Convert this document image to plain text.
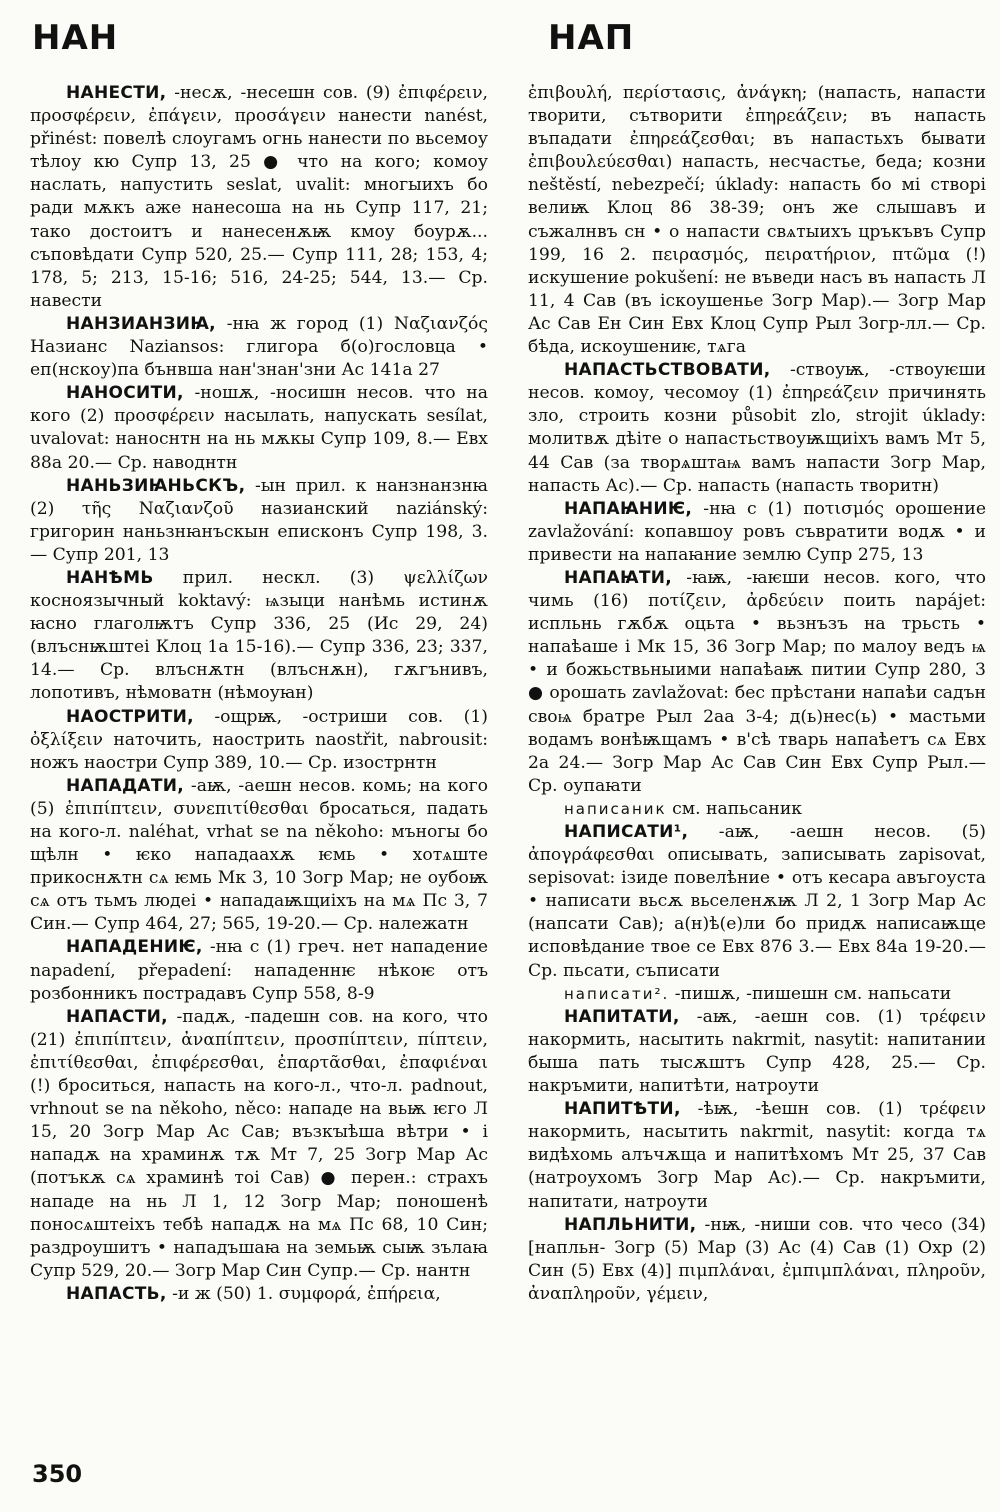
НАН	НАП

НАНЕСТИ, -несѫ, -несешн сов. (9) ἐπιφέρειν, προσφέρειν, ἐπάγειν, προσάγειν нанести nanést, přinést: повелѣ слоугамъ огнь нанести по вьсемоу тѣлоу кю Супр 13, 25 ● что на кого; комоу наслать, напустить seslat, uvalit: многыихъ бо ради мѫкъ аже нанесоша на нь Супр 117, 21; тако достоитъ и нанесенѫѭ кмоу боурѫ... съповѣдати Супр 520, 25.— Супр 111, 28; 153, 4; 178, 5; 213, 15-16; 516, 24-25; 544, 13.— Ср. навести

НАНЗИАНЗИꙖ, -нꙗ ж город (1) Ναζιανζός Назианс Naziansos: глигора б(о)гословца • еп(нскоу)па бънвша нан'знан'зни Ас 141а 27

НАНОСИТИ, -ношѫ, -носишн несов. что на кого (2) προσφέρειν насылать, напускать sesílat, uvalovat: наноснтн на нь мѫкы Супр 109, 8.— Евх 88а 20.— Ср. наводнтн

НАНЬЗИꙖНЬСКЪ, -ын прил. к нанзнанзнꙗ (2) τῆς Ναζιανζοῦ назианский naziánský: григорин наньзнꙗнъскын еписконъ Супр 198, 3.— Супр 201, 13

НАНѢМЬ прил. нескл. (3) ψελλίζων косноязычный koktavý: ѩзыци нанѣмь истинѫ ꙗсно глаголѭтъ Супр 336, 25 (Ис 29, 24) (влъснѭштеі Клоц 1а 15-16).— Супр 336, 23; 337, 14.— Ср. влъснѫтн (влъснѫн), гѫгънивъ, лопотивъ, нѣмоватн (нѣмоуꙗн)

НАОСТРИТИ, -ощрѭ, -остриши сов. (1) ὀξλίξειν наточить, наострить naostřit, nabrousit: ножъ наостри Супр 389, 10.— Ср. изострнтн

НАПАДАТИ, -аѭ, -аешн несов. комь; на кого (5) ἐπιπίπτειν, συνεπιτίθεσθαι бросаться, падать на кого-л. naléhat, vrhat se na někoho: мъногы бо щѣлн • ѥко нападаахѫ ѥмь • хотѧште прикоснѫтн сѧ ѥмь Мк 3, 10 Зогр Мар; не оубоѭ сѧ отъ тьмъ людеі • нападаѭщиіхъ на мѧ Пс 3, 7 Син.— Супр 464, 27; 565, 19-20.— Ср. належатн

НАПАДЕНИѤ, -нꙗ с (1) греч. нет нападение napadení, přepadení: нападеннѥ нѣкоѥ отъ розбонникъ пострадавъ Супр 558, 8-9

НАПАСТИ, -падѫ, -падешн сов. на кого, что (21) ἐπιπίπτειν, ἀναπίπτειν, προσπίπτειν, πίπτειν, ἐπιτίθεσθαι, ἐπιφέρεσθαι, ἐπαρτᾶσθαι, ἐπαφιέναι (!) броситься, напасть на кого-л., что-л. padnout, vrhnout se na někoho, něco: нападе на вьѭ ѥго Л 15, 20 Зогр Мар Ас Сав; възкꙑѣша вѣтри • і нападѫ на храминѫ тѫ Мт 7, 25 Зогр Мар Ас (потъкѫ сѧ храминѣ тоі Сав) ● перен.: страхъ нападе на нь Л 1, 12 Зогр Мар; поношенѣ поносѧштеіхъ тебѣ нападѫ на мѧ Пс 68, 10 Син; раздроушитъ • нападъшаꙗ на земьѭ сыѭ зълаꙗ Супр 529, 20.— Зогр Мар Син Супр.— Ср. нантн

НАПАСТЬ, -и ж (50) 1. συμφορά, ἐπήρεια,

ἐπιβουλή, περίστασις, ἀνάγκη; (напасть, напасти творити, сътворити ἐπηρεάζειν; въ напасть въпадати ἐπηρεάζεσθαι; въ напастьхъ бывати ἐπιβουλεύεσθαι) напасть, несчастье, беда; козни neštěstí, nebezpečí; úklady: напасть бо мі створі велиѭ Клоц 86 38-39; онъ же слышавъ и съжалнвъ сн • о напасти свѧтыихъ цръкъвъ Супр 199, 16 2. πειρασμός, πειρατήριον, πτῶμα (!) искушение pokušení: не въведи насъ въ напасть Л 11, 4 Сав (въ іскоушенье Зогр Мар).— Зогр Мар Ас Сав Ен Син Евх Клоц Супр Рыл Зогр-лл.— Ср. бѣда, искоушениѥ, тѧга

НАПАСТЬСТВОВАТИ, -ствоуѭ, -ствоуѥши несов. комоу, чесомоу (1) ἐπηρεάζειν причинять зло, строить козни působit zlo, strojit úklady: молитвѫ дѣіте о напастьствоуѭщиіхъ вамъ Мт 5, 44 Сав (за творѧштаѩ вамъ напасти Зогр Мар, напасть Ас).— Ср. напасть (напасть творитн)

НАПАꙖНИѤ, -нꙗ с (1) ποτισμός орошение zavlažování: копавшоу ровъ съвратити водѫ • и привести на напаꙗние землю Супр 275, 13

НАПАꙖТИ, -ꙗѭ, -ꙗѥши несов. кого, что чимь (16) ποτίζειν, ἀρδεύειν поить napájet: испльнь гѫбѫ оцьта • вьзнъзъ на трьсть • напаѣаше і Мк 15, 36 Зогр Мар; по малоу ведъ ѩ • и божьствьныими напаѣаѭ питии Супр 280, 3 ● орошать zavlažovat: бес прѣстани напаѣи садън своѩ братре Рыл 2аа 3-4; д(ь)нес(ь) • мастьми водамъ вонѣѭщамъ • в'сѣ тварь напаѣетъ сѧ Евх 2а 24.— Зогр Мар Ас Сав Син Евх Супр Рыл.— Ср. оупаꙗти

написаник см. напьсаник

НАПИСАТИ¹, -аѭ, -аешн несов. (5) ἀπογράφεσθαι описывать, записывать zapisovat, sepisovat: ізиде повелѣние • отъ кесара авъгоуста • написати вьсѫ вьселенѫѭ Л 2, 1 Зогр Мар Ас (напсати Сав); а(н)ѣ(е)ли бо придѫ написаѭще исповѣдание твое се Евх 876 3.— Евх 84а 19-20.— Ср. пьсати, съписати

написати². -пишѫ, -пишешн см. напьсати

НАПИТАТИ, -аѭ, -аешн сов. (1) τρέφειν накормить, насытить nakrmit, nasytit: напитании быша пать тысѫштъ Супр 428, 25.— Ср. накръмити, напитѣти, натроути

НАПИТѢТИ, -ѣѭ, -ѣешн сов. (1) τρέφειν накормить, насытить nakrmit, nasytit: когда тѧ видѣхомь алъчѫща и напитѣхомъ Мт 25, 37 Сав (натроухомъ Зогр Мар Ас).— Ср. накръмити, напитати, натроути

НАПЛЬНИТИ, -нѭ, -ниши сов. что чесо (34) [напльн- Зогр (5) Мар (3) Ас (4) Сав (1) Охр (2) Син (5) Евх (4)] πιμπλάναι, ἐμπιμπλάναι, πληροῦν, ἀναπληροῦν, γέμειν,

350
